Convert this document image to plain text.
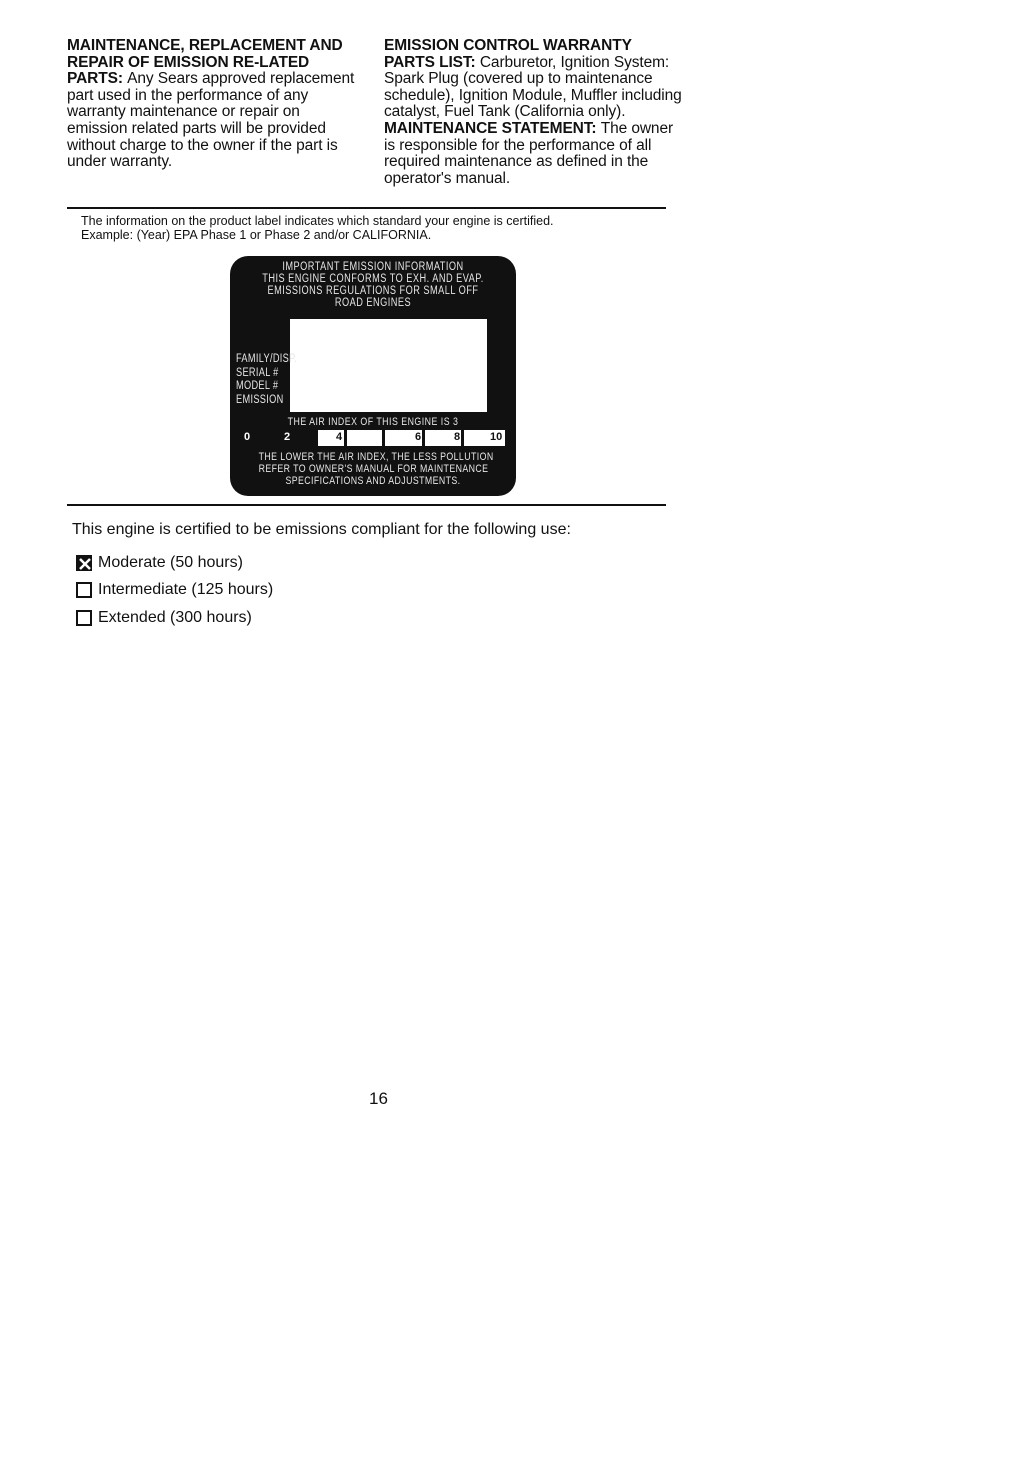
MAINTENANCE, REPLACEMENT AND REPAIR OF EMISSION RE-LATED PARTS: Any Sears approved replacement part used in the performance of any warranty maintenance or repair on emission related parts will be provided without charge to the owner if the part is under warranty.
EMISSION CONTROL WARRANTY PARTS LIST: Carburetor, Ignition System: Spark Plug (covered up to maintenance schedule), Ignition Module, Muffler including catalyst, Fuel Tank (California only). MAINTENANCE STATEMENT: The owner is responsible for the performance of all required maintenance as defined in the operator's manual.
The information on the product label indicates which standard your engine is certified.
Example: (Year) EPA Phase 1 or Phase 2 and/or CALIFORNIA.
IMPORTANT EMISSION INFORMATION
THIS ENGINE CONFORMS TO EXH. AND EVAP.
EMISSIONS REGULATIONS FOR SMALL OFF
ROAD ENGINES
FAMILY/DISP.
SERIAL #
MODEL #
EMISSION
THE AIR INDEX OF THIS ENGINE IS 3
0	2	4	6	8	10
THE LOWER THE AIR INDEX, THE LESS POLLUTION
REFER TO OWNER'S MANUAL FOR MAINTENANCE
SPECIFICATIONS AND ADJUSTMENTS.
This engine is certified to be emissions compliant for the following use:
Moderate (50 hours)
Intermediate (125 hours)
Extended (300 hours)
16
